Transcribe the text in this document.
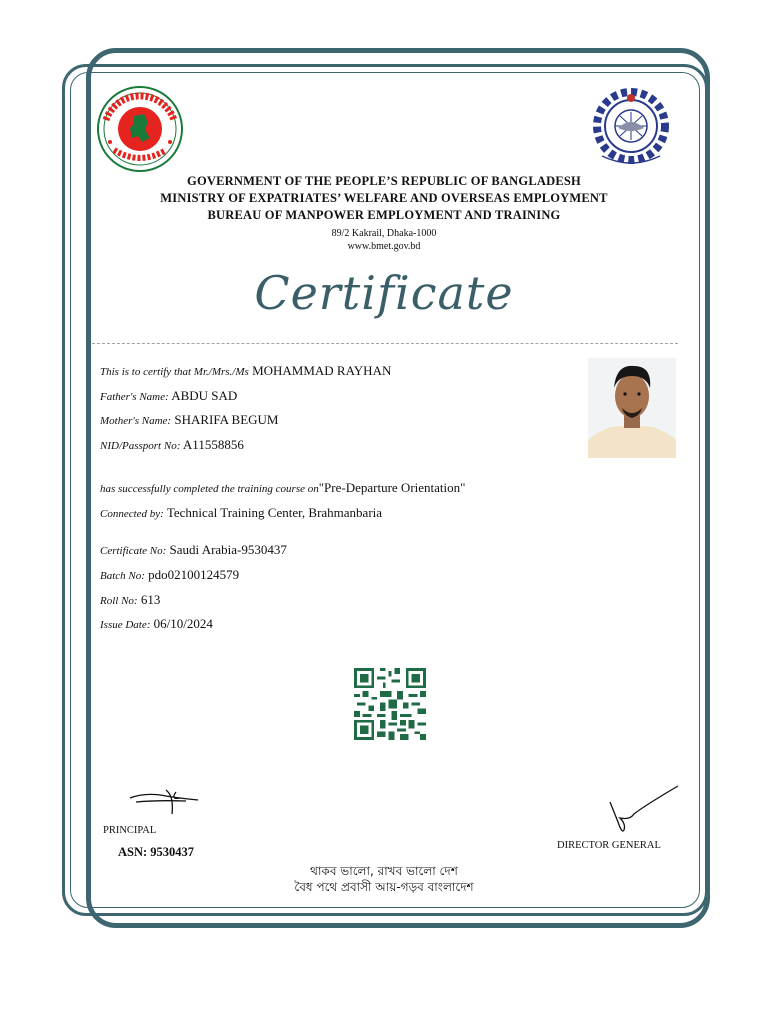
GOVERNMENT OF THE PEOPLE’S REPUBLIC OF BANGLADESH
MINISTRY OF EXPATRIATES’ WELFARE AND OVERSEAS EMPLOYMENT
BUREAU OF MANPOWER EMPLOYMENT AND TRAINING
89/2 Kakrail, Dhaka-1000
www.bmet.gov.bd
Certificate
This is to certify that Mr./Mrs./Ms MOHAMMAD RAYHAN
Father's Name: ABDU SAD
Mother's Name: SHARIFA BEGUM
NID/Passport No: A11558856
has successfully completed the training course on"Pre-Departure Orientation"
Connected by: Technical Training Center, Brahmanbaria
Certificate No: Saudi Arabia-9530437
Batch No: pdo02100124579
Roll No: 613
Issue Date: 06/10/2024
PRINCIPAL
ASN: 9530437	DIRECTOR GENERAL
থাকব ভালো, রাখব ভালো দেশ
বৈধ পথে প্রবাসী আয়-গড়ব বাংলাদেশ
